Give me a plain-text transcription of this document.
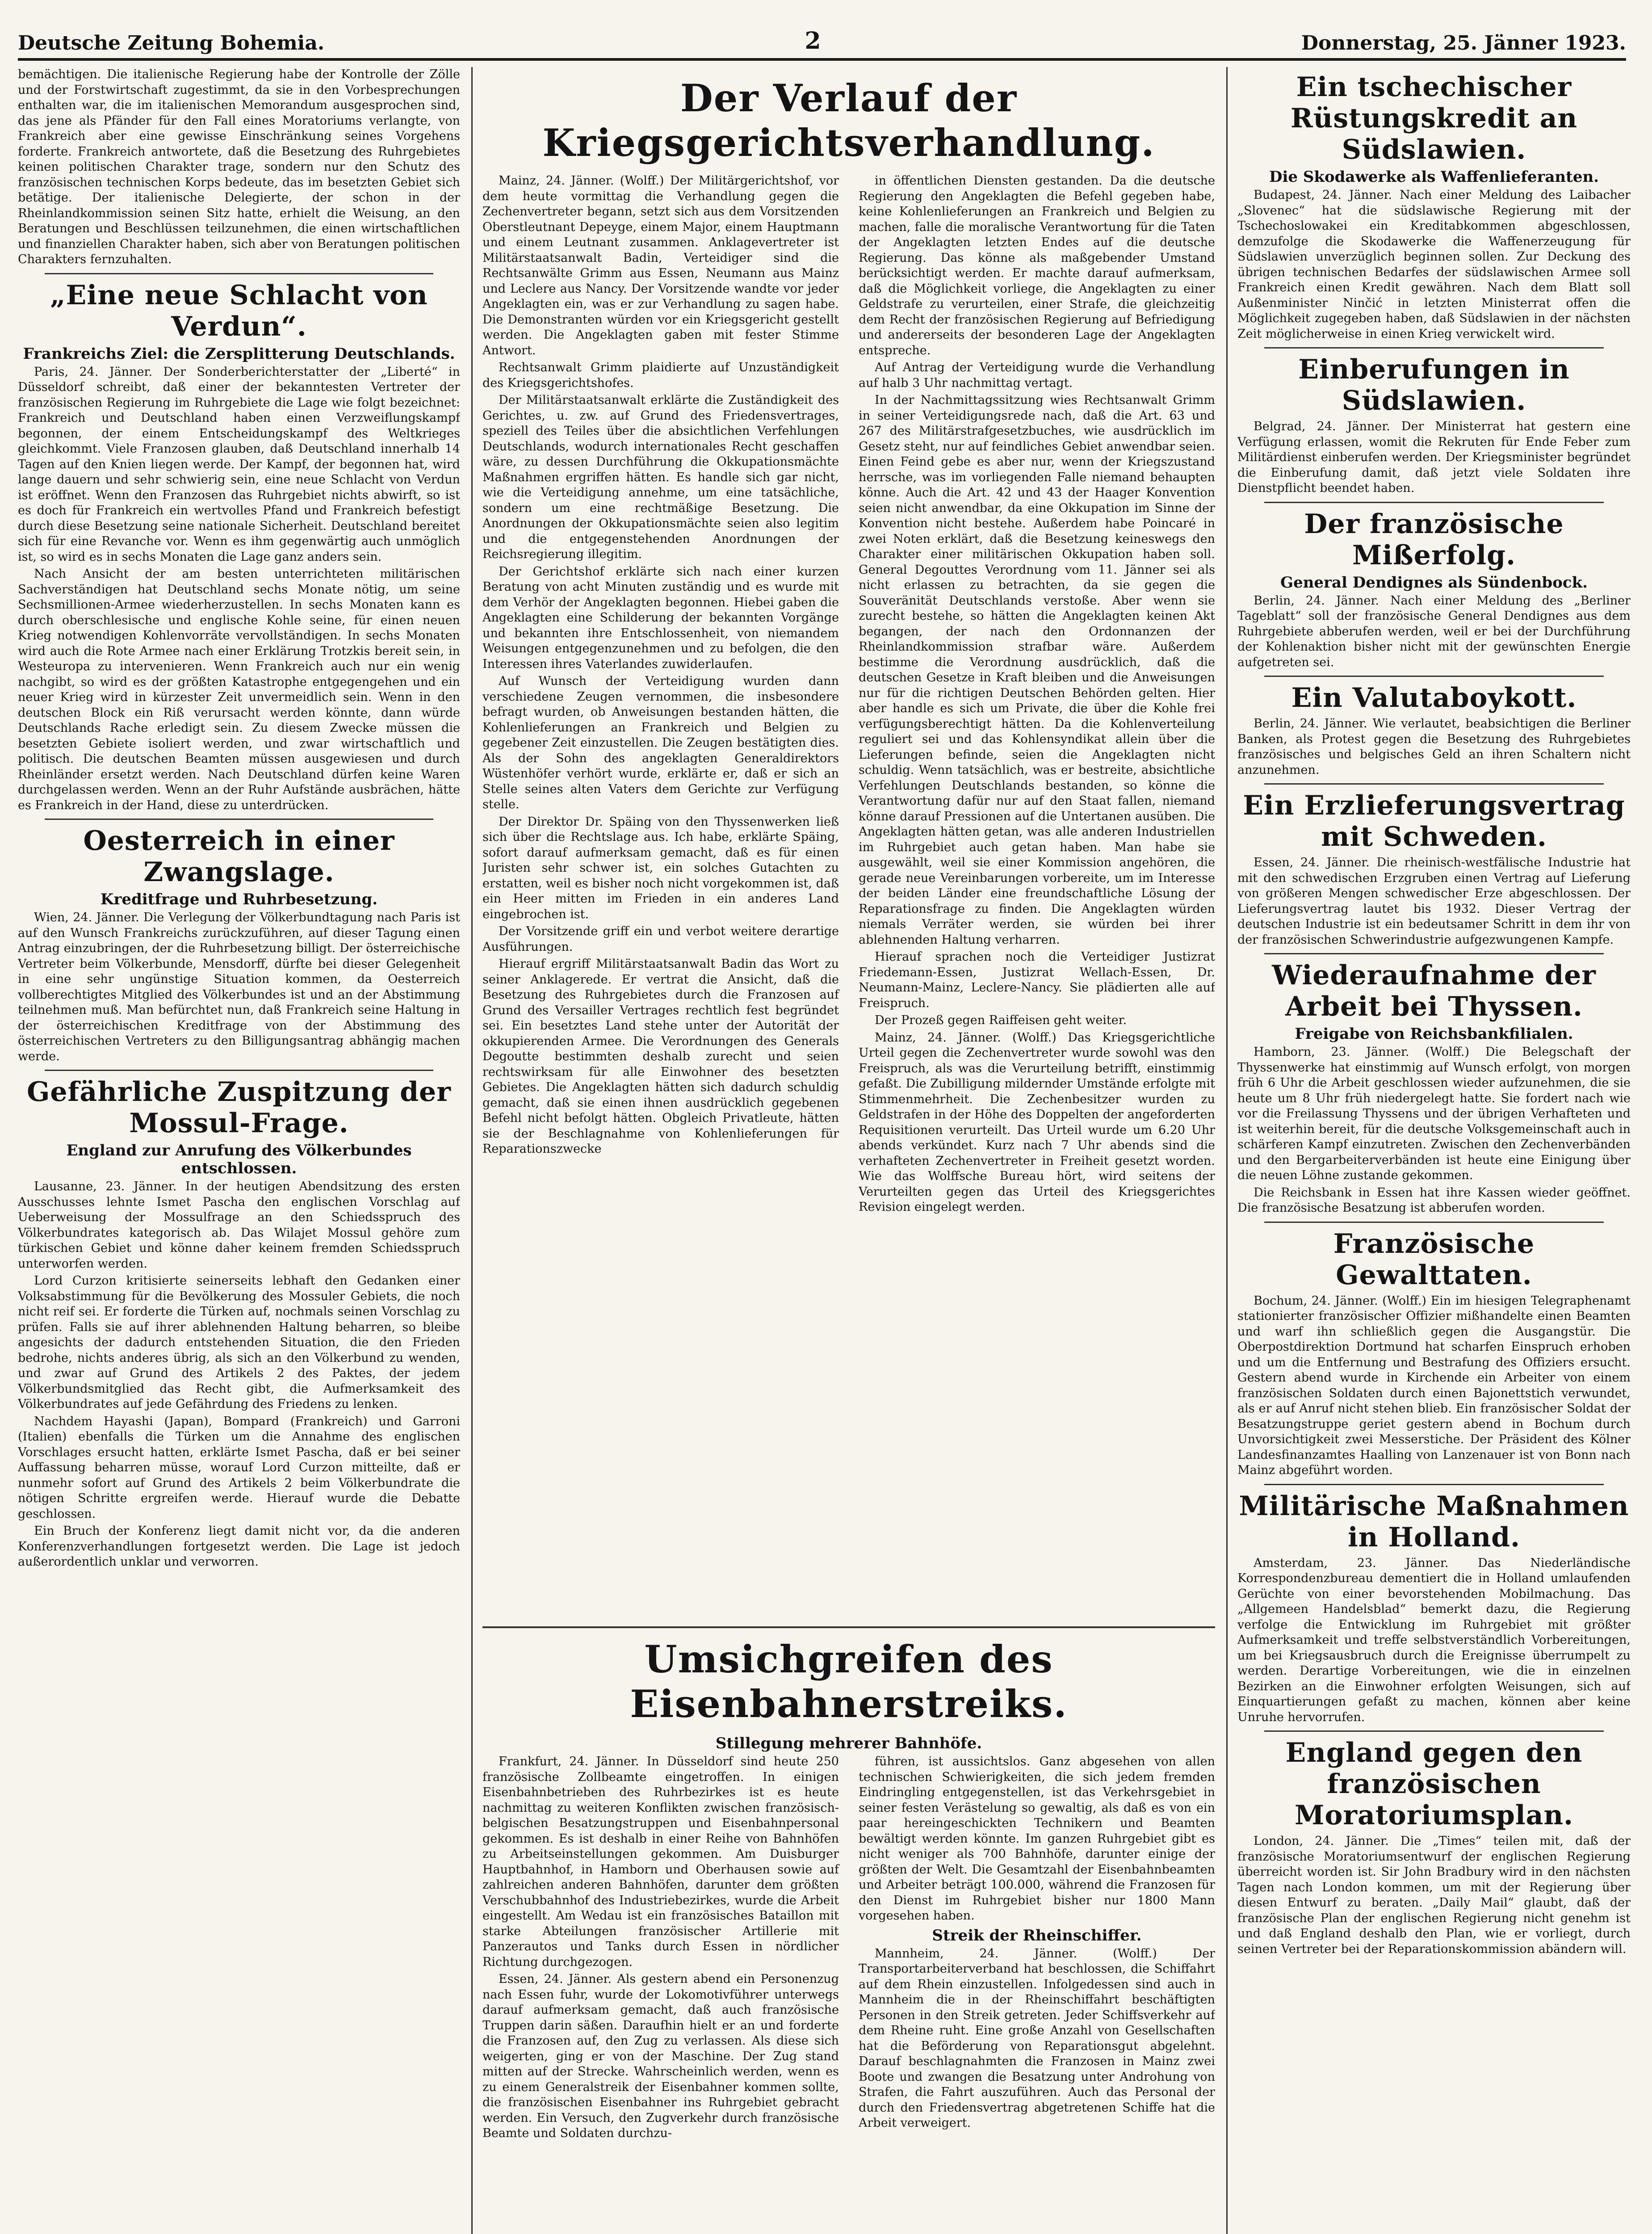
Deutsche Zeitung Bohemia.	2	Donnerstag, 25. Jänner 1923.

bemächtigen. Die italienische Regierung habe der Kontrolle der Zölle und der Forstwirtschaft zugestimmt, da sie in den Vorbesprechungen enthalten war, die im italienischen Memorandum ausgesprochen sind, das jene als Pfänder für den Fall eines Moratoriums verlangte, von Frankreich aber eine gewisse Einschränkung seines Vorgehens forderte. Frankreich antwortete, daß die Besetzung des Ruhrgebietes keinen politischen Charakter trage, sondern nur den Schutz des französischen technischen Korps bedeute, das im besetzten Gebiet sich betätige. Der italienische Delegierte, der schon in der Rheinlandkommission seinen Sitz hatte, erhielt die Weisung, an den Beratungen und Beschlüssen teilzunehmen, die einen wirtschaftlichen und finanziellen Charakter haben, sich aber von Beratungen politischen Charakters fernzuhalten.

„Eine neue Schlacht von Verdun“.
Frankreichs Ziel: die Zersplitterung Deutschlands.

Paris, 24. Jänner. Der Sonderberichterstatter der „Liberté“ in Düsseldorf schreibt, daß einer der bekanntesten Vertreter der französischen Regierung im Ruhrgebiete die Lage wie folgt bezeichnet: Frankreich und Deutschland haben einen Verzweiflungskampf begonnen, der einem Entscheidungskampf des Weltkrieges gleichkommt. Viele Franzosen glauben, daß Deutschland innerhalb 14 Tagen auf den Knien liegen werde. Der Kampf, der begonnen hat, wird lange dauern und sehr schwierig sein, eine neue Schlacht von Verdun ist eröffnet. Wenn den Franzosen das Ruhrgebiet nichts abwirft, so ist es doch für Frankreich ein wertvolles Pfand und Frankreich befestigt durch diese Besetzung seine nationale Sicherheit. Deutschland bereitet sich für eine Revanche vor. Wenn es ihm gegenwärtig auch unmöglich ist, so wird es in sechs Monaten die Lage ganz anders sein.

Nach Ansicht der am besten unterrichteten militärischen Sachverständigen hat Deutschland sechs Monate nötig, um seine Sechsmillionen-Armee wiederherzustellen. In sechs Monaten kann es durch oberschlesische und englische Kohle seine, für einen neuen Krieg notwendigen Kohlenvorräte vervollständigen. In sechs Monaten wird auch die Rote Armee nach einer Erklärung Trotzkis bereit sein, in Westeuropa zu intervenieren. Wenn Frankreich auch nur ein wenig nachgibt, so wird es der größten Katastrophe entgegengehen und ein neuer Krieg wird in kürzester Zeit unvermeidlich sein. Wenn in den deutschen Block ein Riß verursacht werden könnte, dann würde Deutschlands Rache erledigt sein. Zu diesem Zwecke müssen die besetzten Gebiete isoliert werden, und zwar wirtschaftlich und politisch. Die deutschen Beamten müssen ausgewiesen und durch Rheinländer ersetzt werden. Nach Deutschland dürfen keine Waren durchgelassen werden. Wenn an der Ruhr Aufstände ausbrächen, hätte es Frankreich in der Hand, diese zu unterdrücken.

Oesterreich in einer Zwangslage.
Kreditfrage und Ruhrbesetzung.

Wien, 24. Jänner. Die Verlegung der Völkerbundtagung nach Paris ist auf den Wunsch Frankreichs zurückzuführen, auf dieser Tagung einen Antrag einzubringen, der die Ruhrbesetzung billigt. Der österreichische Vertreter beim Völkerbunde, Mensdorff, dürfte bei dieser Gelegenheit in eine sehr ungünstige Situation kommen, da Oesterreich vollberechtigtes Mitglied des Völkerbundes ist und an der Abstimmung teilnehmen muß. Man befürchtet nun, daß Frankreich seine Haltung in der österreichischen Kreditfrage von der Abstimmung des österreichischen Vertreters zu den Billigungsantrag abhängig machen werde.

Gefährliche Zuspitzung der Mossul-Frage.
England zur Anrufung des Völkerbundes entschlossen.

Lausanne, 23. Jänner. In der heutigen Abendsitzung des ersten Ausschusses lehnte Ismet Pascha den englischen Vorschlag auf Ueberweisung der Mossulfrage an den Schiedsspruch des Völkerbundrates kategorisch ab. Das Wilajet Mossul gehöre zum türkischen Gebiet und könne daher keinem fremden Schiedsspruch unterworfen werden.

Lord Curzon kritisierte seinerseits lebhaft den Gedanken einer Volksabstimmung für die Bevölkerung des Mossuler Gebiets, die noch nicht reif sei. Er forderte die Türken auf, nochmals seinen Vorschlag zu prüfen. Falls sie auf ihrer ablehnenden Haltung beharren, so bleibe angesichts der dadurch entstehenden Situation, die den Frieden bedrohe, nichts anderes übrig, als sich an den Völkerbund zu wenden, und zwar auf Grund des Artikels 2 des Paktes, der jedem Völkerbundsmitglied das Recht gibt, die Aufmerksamkeit des Völkerbundrates auf jede Gefährdung des Friedens zu lenken.

Nachdem Hayashi (Japan), Bompard (Frankreich) und Garroni (Italien) ebenfalls die Türken um die Annahme des englischen Vorschlages ersucht hatten, erklärte Ismet Pascha, daß er bei seiner Auffassung beharren müsse, worauf Lord Curzon mitteilte, daß er nunmehr sofort auf Grund des Artikels 2 beim Völkerbundrate die nötigen Schritte ergreifen werde. Hierauf wurde die Debatte geschlossen.

Ein Bruch der Konferenz liegt damit nicht vor, da die anderen Konferenzverhandlungen fortgesetzt werden. Die Lage ist jedoch außerordentlich unklar und verworren.

Der Verlauf der Kriegsgerichtsverhandlung.

Mainz, 24. Jänner. (Wolff.) Der Militärgerichtshof, vor dem heute vormittag die Verhandlung gegen die Zechenvertreter begann, setzt sich aus dem Vorsitzenden Oberstleutnant Depeyge, einem Major, einem Hauptmann und einem Leutnant zusammen. Anklagevertreter ist Militärstaatsanwalt Badin, Verteidiger sind die Rechtsanwälte Grimm aus Essen, Neumann aus Mainz und Leclere aus Nancy. Der Vorsitzende wandte vor jeder Angeklagten ein, was er zur Verhandlung zu sagen habe. Die Demonstranten würden vor ein Kriegsgericht gestellt werden. Die Angeklagten gaben mit fester Stimme Antwort.

Rechtsanwalt Grimm plaidierte auf Unzuständigkeit des Kriegsgerichtshofes.

Der Militärstaatsanwalt erklärte die Zuständigkeit des Gerichtes, u. zw. auf Grund des Friedensvertrages, speziell des Teiles über die absichtlichen Verfehlungen Deutschlands, wodurch internationales Recht geschaffen wäre, zu dessen Durchführung die Okkupationsmächte Maßnahmen ergriffen hätten. Es handle sich gar nicht, wie die Verteidigung annehme, um eine tatsächliche, sondern um eine rechtmäßige Besetzung. Die Anordnungen der Okkupationsmächte seien also legitim und die entgegenstehenden Anordnungen der Reichsregierung illegitim.

Der Gerichtshof erklärte sich nach einer kurzen Beratung von acht Minuten zuständig und es wurde mit dem Verhör der Angeklagten begonnen. Hiebei gaben die Angeklagten eine Schilderung der bekannten Vorgänge und bekannten ihre Entschlossenheit, von niemandem Weisungen entgegenzunehmen und zu befolgen, die den Interessen ihres Vaterlandes zuwiderlaufen.

Auf Wunsch der Verteidigung wurden dann verschiedene Zeugen vernommen, die insbesondere befragt wurden, ob Anweisungen bestanden hätten, die Kohlenlieferungen an Frankreich und Belgien zu gegebener Zeit einzustellen. Die Zeugen bestätigten dies. Als der Sohn des angeklagten Generaldirektors Wüstenhöfer verhört wurde, erklärte er, daß er sich an Stelle seines alten Vaters dem Gerichte zur Verfügung stelle.

Der Direktor Dr. Späing von den Thyssenwerken ließ sich über die Rechtslage aus. Ich habe, erklärte Späing, sofort darauf aufmerksam gemacht, daß es für einen Juristen sehr schwer ist, ein solches Gutachten zu erstatten, weil es bisher noch nicht vorgekommen ist, daß ein Heer mitten im Frieden in ein anderes Land eingebrochen ist.

Der Vorsitzende griff ein und verbot weitere derartige Ausführungen.

Hierauf ergriff Militärstaatsanwalt Badin das Wort zu seiner Anklagerede. Er vertrat die Ansicht, daß die Besetzung des Ruhrgebietes durch die Franzosen auf Grund des Versailler Vertrages rechtlich fest begründet sei. Ein besetztes Land stehe unter der Autorität der okkupierenden Armee. Die Verordnungen des Generals Degoutte bestimmten deshalb zurecht und seien rechtswirksam für alle Einwohner des besetzten Gebietes. Die Angeklagten hätten sich dadurch schuldig gemacht, daß sie einen ihnen ausdrücklich gegebenen Befehl nicht befolgt hätten. Obgleich Privatleute, hätten sie der Beschlagnahme von Kohlenlieferungen für Reparationszwecke

in öffentlichen Diensten gestanden. Da die deutsche Regierung den Angeklagten die Befehl gegeben habe, keine Kohlenlieferungen an Frankreich und Belgien zu machen, falle die moralische Verantwortung für die Taten der Angeklagten letzten Endes auf die deutsche Regierung. Das könne als maßgebender Umstand berücksichtigt werden. Er machte darauf aufmerksam, daß die Möglichkeit vorliege, die Angeklagten zu einer Geldstrafe zu verurteilen, einer Strafe, die gleichzeitig dem Recht der französischen Regierung auf Befriedigung und andererseits der besonderen Lage der Angeklagten entspreche.

Auf Antrag der Verteidigung wurde die Verhandlung auf halb 3 Uhr nachmittag vertagt.

In der Nachmittagssitzung wies Rechtsanwalt Grimm in seiner Verteidigungsrede nach, daß die Art. 63 und 267 des Militärstrafgesetzbuches, wie ausdrücklich im Gesetz steht, nur auf feindliches Gebiet anwendbar seien. Einen Feind gebe es aber nur, wenn der Kriegszustand herrsche, was im vorliegenden Falle niemand behaupten könne. Auch die Art. 42 und 43 der Haager Konvention seien nicht anwendbar, da eine Okkupation im Sinne der Konvention nicht bestehe. Außerdem habe Poincaré in zwei Noten erklärt, daß die Besetzung keineswegs den Charakter einer militärischen Okkupation haben soll. General Degouttes Verordnung vom 11. Jänner sei als nicht erlassen zu betrachten, da sie gegen die Souveränität Deutschlands verstoße. Aber wenn sie zurecht bestehe, so hätten die Angeklagten keinen Akt begangen, der nach den Ordonnanzen der Rheinlandkommission strafbar wäre. Außerdem bestimme die Verordnung ausdrücklich, daß die deutschen Gesetze in Kraft bleiben und die Anweisungen nur für die richtigen Deutschen Behörden gelten. Hier aber handle es sich um Private, die über die Kohle frei verfügungsberechtigt hätten. Da die Kohlenverteilung reguliert sei und das Kohlensyndikat allein über die Lieferungen befinde, seien die Angeklagten nicht schuldig. Wenn tatsächlich, was er bestreite, absichtliche Verfehlungen Deutschlands bestanden, so könne die Verantwortung dafür nur auf den Staat fallen, niemand könne darauf Pressionen auf die Untertanen ausüben. Die Angeklagten hätten getan, was alle anderen Industriellen im Ruhrgebiet auch getan haben. Man habe sie ausgewählt, weil sie einer Kommission angehören, die gerade neue Vereinbarungen vorbereite, um im Interesse der beiden Länder eine freundschaftliche Lösung der Reparationsfrage zu finden. Die Angeklagten würden niemals Verräter werden, sie würden bei ihrer ablehnenden Haltung verharren.

Hierauf sprachen noch die Verteidiger Justizrat Friedemann-Essen, Justizrat Wellach-Essen, Dr. Neumann-Mainz, Leclere-Nancy. Sie plädierten alle auf Freispruch.

Der Prozeß gegen Raiffeisen geht weiter.

Mainz, 24. Jänner. (Wolff.) Das Kriegsgerichtliche Urteil gegen die Zechenvertreter wurde sowohl was den Freispruch, als was die Verurteilung betrifft, einstimmig gefaßt. Die Zubilligung mildernder Umstände erfolgte mit Stimmenmehrheit. Die Zechenbesitzer wurden zu Geldstrafen in der Höhe des Doppelten der angeforderten Requisitionen verurteilt. Das Urteil wurde um 6.20 Uhr abends verkündet. Kurz nach 7 Uhr abends sind die verhafteten Zechenvertreter in Freiheit gesetzt worden. Wie das Wolffsche Bureau hört, wird seitens der Verurteilten gegen das Urteil des Kriegsgerichtes Revision eingelegt werden.

Umsichgreifen des Eisenbahnerstreiks.
Stillegung mehrerer Bahnhöfe.

Frankfurt, 24. Jänner. In Düsseldorf sind heute 250 französische Zollbeamte eingetroffen. In einigen Eisenbahnbetrieben des Ruhrbezirkes ist es heute nachmittag zu weiteren Konflikten zwischen französisch-belgischen Besatzungstruppen und Eisenbahnpersonal gekommen. Es ist deshalb in einer Reihe von Bahnhöfen zu Arbeitseinstellungen gekommen. Am Duisburger Hauptbahnhof, in Hamborn und Oberhausen sowie auf zahlreichen anderen Bahnhöfen, darunter dem größten Verschubbahnhof des Industriebezirkes, wurde die Arbeit eingestellt. Am Wedau ist ein französisches Bataillon mit starke Abteilungen französischer Artillerie mit Panzerautos und Tanks durch Essen in nördlicher Richtung durchgezogen.

Essen, 24. Jänner. Als gestern abend ein Personenzug nach Essen fuhr, wurde der Lokomotivführer unterwegs darauf aufmerksam gemacht, daß auch französische Truppen darin säßen. Daraufhin hielt er an und forderte die Franzosen auf, den Zug zu verlassen. Als diese sich weigerten, ging er von der Maschine. Der Zug stand mitten auf der Strecke. Wahrscheinlich werden, wenn es zu einem Generalstreik der Eisenbahner kommen sollte, die französischen Eisenbahner ins Ruhrgebiet gebracht werden. Ein Versuch, den Zugverkehr durch französische Beamte und Soldaten durchzu-

führen, ist aussichtslos. Ganz abgesehen von allen technischen Schwierigkeiten, die sich jedem fremden Eindringling entgegenstellen, ist das Verkehrsgebiet in seiner festen Verästelung so gewaltig, als daß es von ein paar hereingeschickten Technikern und Beamten bewältigt werden könnte. Im ganzen Ruhrgebiet gibt es nicht weniger als 700 Bahnhöfe, darunter einige der größten der Welt. Die Gesamtzahl der Eisenbahnbeamten und Arbeiter beträgt 100.000, während die Franzosen für den Dienst im Ruhrgebiet bisher nur 1800 Mann vorgesehen haben.

Streik der Rheinschiffer.

Mannheim, 24. Jänner. (Wolff.) Der Transportarbeiterverband hat beschlossen, die Schiffahrt auf dem Rhein einzustellen. Infolgedessen sind auch in Mannheim die in der Rheinschiffahrt beschäftigten Personen in den Streik getreten. Jeder Schiffsverkehr auf dem Rheine ruht. Eine große Anzahl von Gesellschaften hat die Beförderung von Reparationsgut abgelehnt. Darauf beschlagnahmten die Franzosen in Mainz zwei Boote und zwangen die Besatzung unter Androhung von Strafen, die Fahrt auszuführen. Auch das Personal der durch den Friedensvertrag abgetretenen Schiffe hat die Arbeit verweigert.

Ein tschechischer Rüstungskredit an Südslawien.
Die Skodawerke als Waffenlieferanten.

Budapest, 24. Jänner. Nach einer Meldung des Laibacher „Slovenec“ hat die südslawische Regierung mit der Tschechoslowakei ein Kreditabkommen abgeschlossen, demzufolge die Skodawerke die Waffenerzeugung für Südslawien unverzüglich beginnen sollen. Zur Deckung des übrigen technischen Bedarfes der südslawischen Armee soll Frankreich einen Kredit gewähren. Nach dem Blatt soll Außenminister Ninčić in letzten Ministerrat offen die Möglichkeit zugegeben haben, daß Südslawien in der nächsten Zeit möglicherweise in einen Krieg verwickelt wird.

Einberufungen in Südslawien.

Belgrad, 24. Jänner. Der Ministerrat hat gestern eine Verfügung erlassen, womit die Rekruten für Ende Feber zum Militärdienst einberufen werden. Der Kriegsminister begründet die Einberufung damit, daß jetzt viele Soldaten ihre Dienstpflicht beendet haben.

Der französische Mißerfolg.
General Dendignes als Sündenbock.

Berlin, 24. Jänner. Nach einer Meldung des „Berliner Tageblatt“ soll der französische General Dendignes aus dem Ruhrgebiete abberufen werden, weil er bei der Durchführung der Kohlenaktion bisher nicht mit der gewünschten Energie aufgetreten sei.

Ein Valutaboykott.

Berlin, 24. Jänner. Wie verlautet, beabsichtigen die Berliner Banken, als Protest gegen die Besetzung des Ruhrgebietes französisches und belgisches Geld an ihren Schaltern nicht anzunehmen.

Ein Erzlieferungsvertrag mit Schweden.

Essen, 24. Jänner. Die rheinisch-westfälische Industrie hat mit den schwedischen Erzgruben einen Vertrag auf Lieferung von größeren Mengen schwedischer Erze abgeschlossen. Der Lieferungsvertrag lautet bis 1932. Dieser Vertrag der deutschen Industrie ist ein bedeutsamer Schritt in dem ihr von der französischen Schwerindustrie aufgezwungenen Kampfe.

Wiederaufnahme der Arbeit bei Thyssen.
Freigabe von Reichsbankfilialen.

Hamborn, 23. Jänner. (Wolff.) Die Belegschaft der Thyssenwerke hat einstimmig auf Wunsch erfolgt, von morgen früh 6 Uhr die Arbeit geschlossen wieder aufzunehmen, die sie heute um 8 Uhr früh niedergelegt hatte. Sie fordert nach wie vor die Freilassung Thyssens und der übrigen Verhafteten und ist weiterhin bereit, für die deutsche Volksgemeinschaft auch in schärferen Kampf einzutreten. Zwischen den Zechenverbänden und den Bergarbeiterverbänden ist heute eine Einigung über die neuen Löhne zustande gekommen.

Die Reichsbank in Essen hat ihre Kassen wieder geöffnet. Die französische Besatzung ist abberufen worden.

Französische Gewalttaten.

Bochum, 24. Jänner. (Wolff.) Ein im hiesigen Telegraphenamt stationierter französischer Offizier mißhandelte einen Beamten und warf ihn schließlich gegen die Ausgangstür. Die Oberpostdirektion Dortmund hat scharfen Einspruch erhoben und um die Entfernung und Bestrafung des Offiziers ersucht. Gestern abend wurde in Kirchende ein Arbeiter von einem französischen Soldaten durch einen Bajonettstich verwundet, als er auf Anruf nicht stehen blieb. Ein französischer Soldat der Besatzungstruppe geriet gestern abend in Bochum durch Unvorsichtigkeit zwei Messerstiche. Der Präsident des Kölner Landesfinanzamtes Haalling von Lanzenauer ist von Bonn nach Mainz abgeführt worden.

Militärische Maßnahmen in Holland.

Amsterdam, 23. Jänner. Das Niederländische Korrespondenzbureau dementiert die in Holland umlaufenden Gerüchte von einer bevorstehenden Mobilmachung. Das „Allgemeen Handelsblad“ bemerkt dazu, die Regierung verfolge die Entwicklung im Ruhrgebiet mit größter Aufmerksamkeit und treffe selbstverständlich Vorbereitungen, um bei Kriegsausbruch durch die Ereignisse überrumpelt zu werden. Derartige Vorbereitungen, wie die in einzelnen Bezirken an die Einwohner erfolgten Weisungen, sich auf Einquartierungen gefaßt zu machen, können aber keine Unruhe hervorrufen.

England gegen den französischen Moratoriumsplan.

London, 24. Jänner. Die „Times“ teilen mit, daß der französische Moratoriumsentwurf der englischen Regierung überreicht worden ist. Sir John Bradbury wird in den nächsten Tagen nach London kommen, um mit der Regierung über diesen Entwurf zu beraten. „Daily Mail“ glaubt, daß der französische Plan der englischen Regierung nicht genehm ist und daß England deshalb den Plan, wie er vorliegt, durch seinen Vertreter bei der Reparationskommission abändern will.
